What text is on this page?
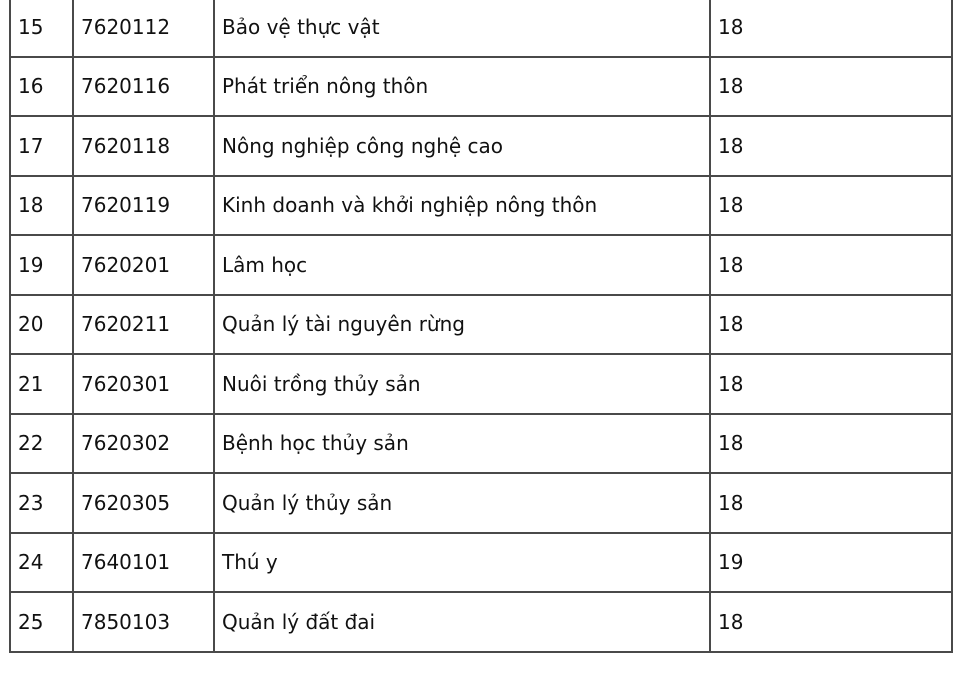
15	7620112	Bảo vệ thực vật	18
16	7620116	Phát triển nông thôn	18
17	7620118	Nông nghiệp công nghệ cao	18
18	7620119	Kinh doanh và khởi nghiệp nông thôn	18
19	7620201	Lâm học	18
20	7620211	Quản lý tài nguyên rừng	18
21	7620301	Nuôi trồng thủy sản	18
22	7620302	Bệnh học thủy sản	18
23	7620305	Quản lý thủy sản	18
24	7640101	Thú y	19
25	7850103	Quản lý đất đai	18
